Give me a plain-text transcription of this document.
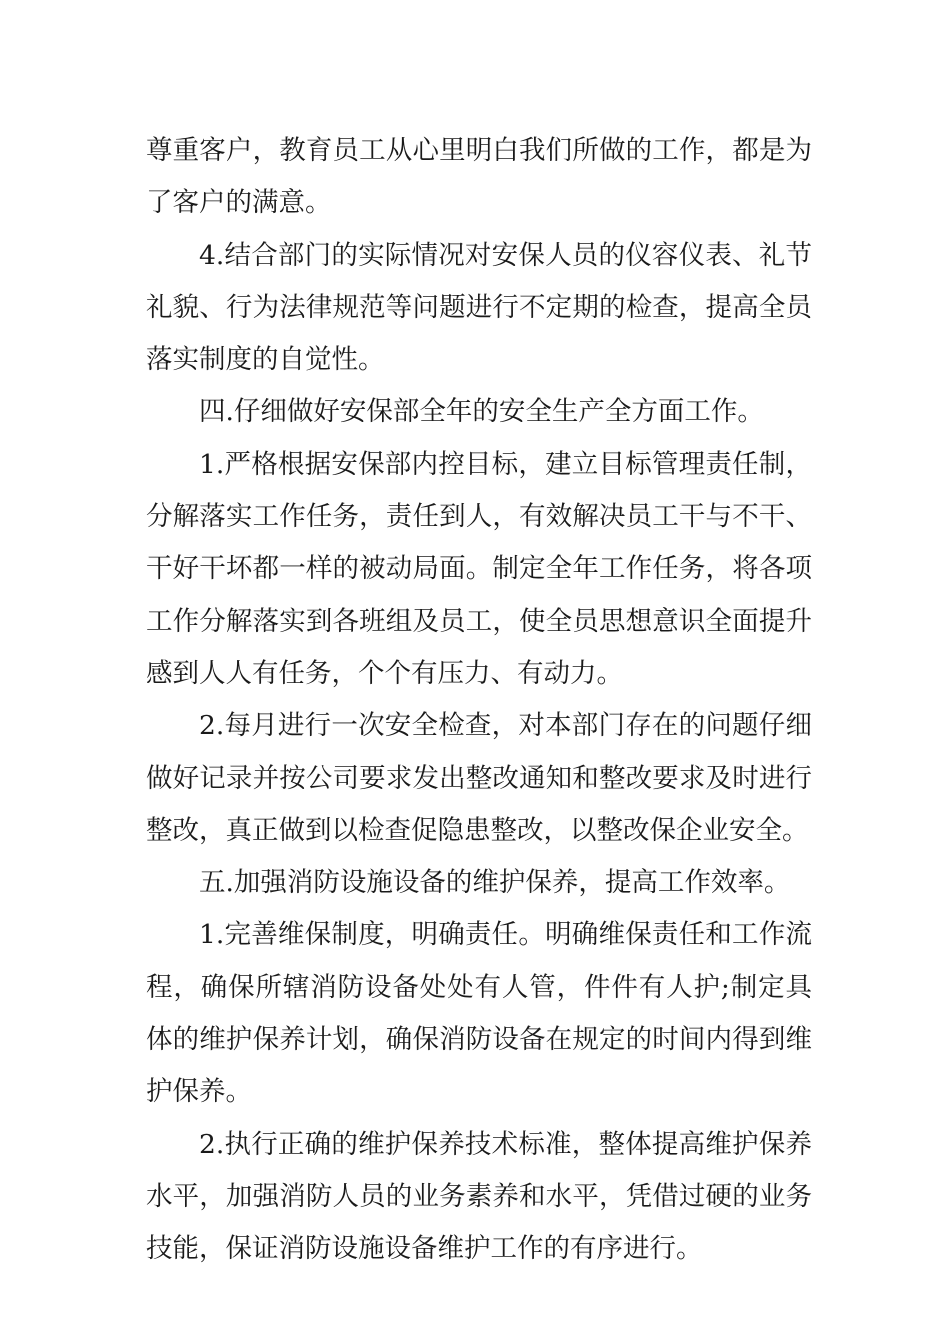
尊重客户，教育员工从心里明白我们所做的工作，都是为了客户的满意。

4.结合部门的实际情况对安保人员的仪容仪表、礼节礼貌、行为法律规范等问题进行不定期的检查，提高全员落实制度的自觉性。

四.仔细做好安保部全年的安全生产全方面工作。

1.严格根据安保部内控目标，建立目标管理责任制，分解落实工作任务，责任到人，有效解决员工干与不干、干好干坏都一样的被动局面。制定全年工作任务，将各项工作分解落实到各班组及员工，使全员思想意识全面提升感到人人有任务，个个有压力、有动力。

2.每月进行一次安全检查，对本部门存在的问题仔细做好记录并按公司要求发出整改通知和整改要求及时进行整改，真正做到以检查促隐患整改，以整改保企业安全。

五.加强消防设施设备的维护保养，提高工作效率。

1.完善维保制度，明确责任。明确维保责任和工作流程，确保所辖消防设备处处有人管，件件有人护;制定具体的维护保养计划，确保消防设备在规定的时间内得到维护保养。

2.执行正确的维护保养技术标准，整体提高维护保养水平，加强消防人员的业务素养和水平，凭借过硬的业务技能，保证消防设施设备维护工作的有序进行。
